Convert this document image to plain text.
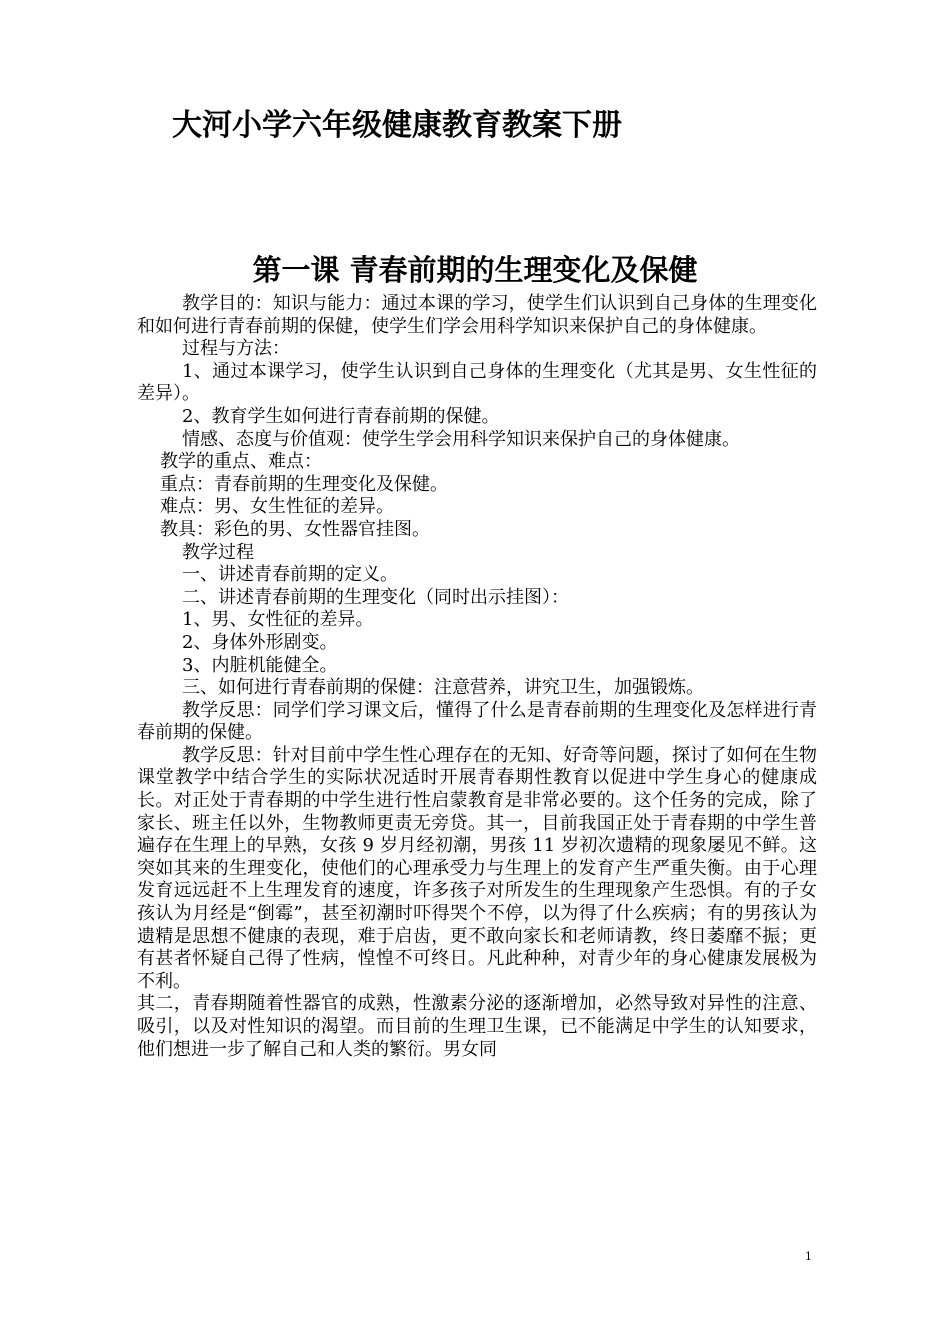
大河小学六年级健康教育教案下册
第一课 青春前期的生理变化及保健

教学目的：知识与能力：通过本课的学习，使学生们认识到自己身体的生理变化和如何进行青春前期的保健，使学生们学会用科学知识来保护自己的身体健康。

过程与方法：

1、通过本课学习，使学生认识到自己身体的生理变化（尤其是男、女生性征的差异）。

2、教育学生如何进行青春前期的保健。

情感、态度与价值观：使学生学会用科学知识来保护自己的身体健康。

教学的重点、难点：

重点：青春前期的生理变化及保健。

难点：男、女生性征的差异。

教具：彩色的男、女性器官挂图。

教学过程

一、讲述青春前期的定义。

二、讲述青春前期的生理变化（同时出示挂图）：

1、男、女性征的差异。

2、身体外形剧变。

3、内脏机能健全。

三、如何进行青春前期的保健：注意营养，讲究卫生，加强锻炼。

教学反思：同学们学习课文后，懂得了什么是青春前期的生理变化及怎样进行青春前期的保健。

教学反思：针对目前中学生性心理存在的无知、好奇等问题，探讨了如何在生物课堂教学中结合学生的实际状况适时开展青春期性教育以促进中学生身心的健康成长。对正处于青春期的中学生进行性启蒙教育是非常必要的。这个任务的完成，除了家长、班主任以外，生物教师更责无旁贷。其一，目前我国正处于青春期的中学生普遍存在生理上的早熟，女孩 9 岁月经初潮，男孩 11 岁初次遗精的现象屡见不鲜。这突如其来的生理变化，使他们的心理承受力与生理上的发育产生严重失衡。由于心理发育远远赶不上生理发育的速度，许多孩子对所发生的生理现象产生恐惧。有的子女孩认为月经是“倒霉”，甚至初潮时吓得哭个不停，以为得了什么疾病；有的男孩认为遗精是思想不健康的表现，难于启齿，更不敢向家长和老师请教，终日萎靡不振；更有甚者怀疑自己得了性病，惶惶不可终日。凡此种种，对青少年的身心健康发展极为不利。

其二，青春期随着性器官的成熟，性激素分泌的逐渐增加，必然导致对异性的注意、吸引，以及对性知识的渴望。而目前的生理卫生课，已不能满足中学生的认知要求，他们想进一步了解自己和人类的繁衍。男女同

1
